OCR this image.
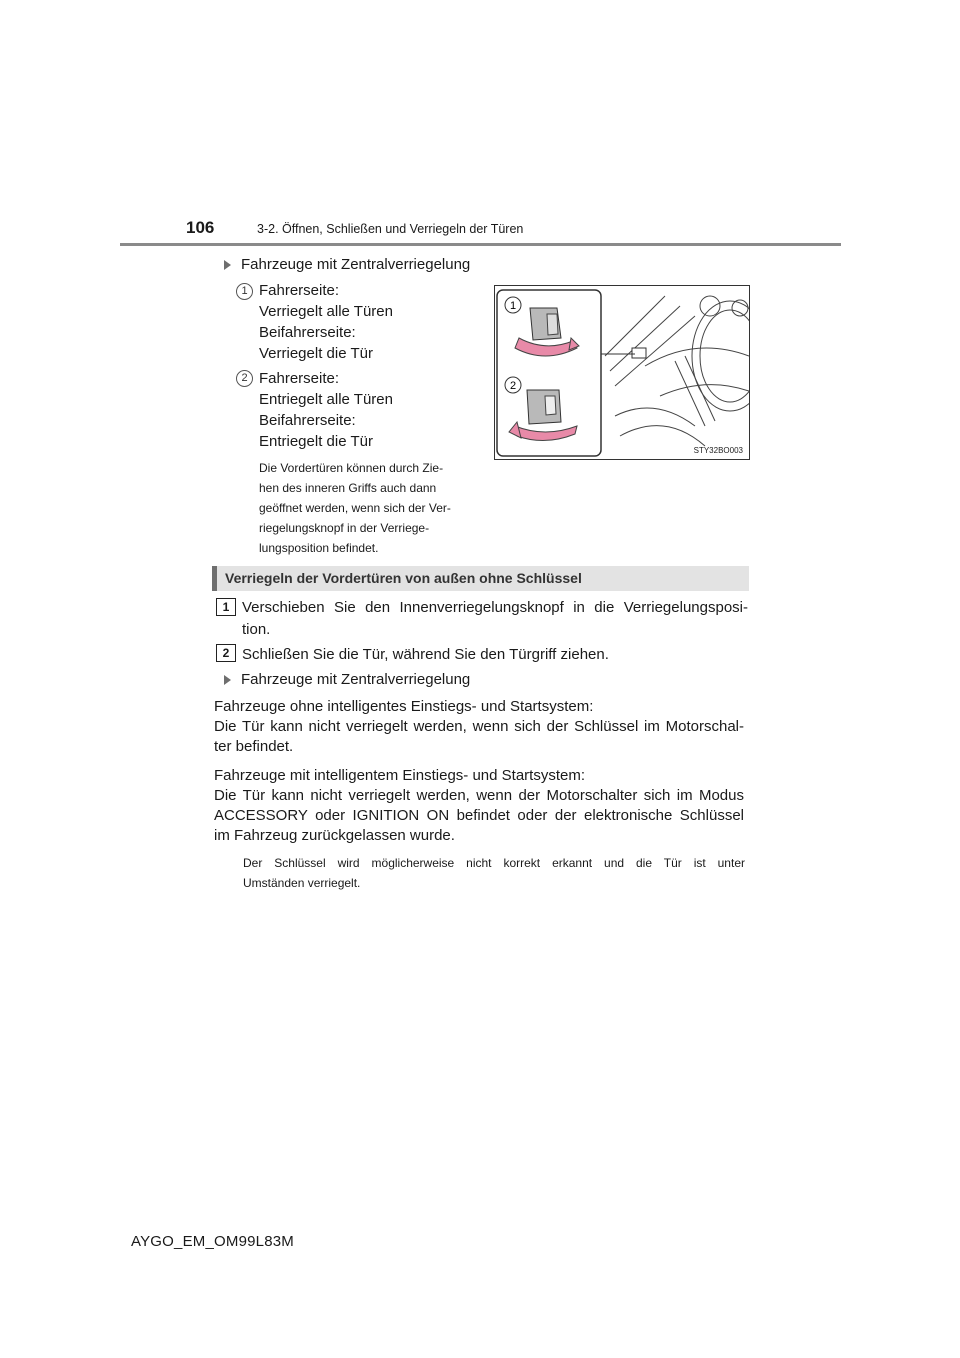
106	3-2. Öffnen, Schließen und Verriegeln der Türen
Fahrzeuge mit Zentralverriegelung
1 Fahrerseite:
Verriegelt alle Türen
Beifahrerseite:
Verriegelt die Tür
2 Fahrerseite:
Entriegelt alle Türen
Beifahrerseite:
Entriegelt die Tür
Die Vordertüren können durch Zie-
hen des inneren Griffs auch dann
geöffnet werden, wenn sich der Ver-
riegelungsknopf in der Verriege-
lungsposition befindet.
1
2
STY32BO003
Verriegeln der Vordertüren von außen ohne Schlüssel
1 Verschieben Sie den Innenverriegelungsknopf in die Verriegelungsposi-
tion.
2 Schließen Sie die Tür, während Sie den Türgriff ziehen.
Fahrzeuge mit Zentralverriegelung
Fahrzeuge ohne intelligentes Einstiegs- und Startsystem:
Die Tür kann nicht verriegelt werden, wenn sich der Schlüssel im Motorschal-
ter befindet.
Fahrzeuge mit intelligentem Einstiegs- und Startsystem:
Die Tür kann nicht verriegelt werden, wenn der Motorschalter sich im Modus
ACCESSORY oder IGNITION ON befindet oder der elektronische Schlüssel
im Fahrzeug zurückgelassen wurde.
Der Schlüssel wird möglicherweise nicht korrekt erkannt und die Tür ist unter
Umständen verriegelt.
AYGO_EM_OM99L83M
